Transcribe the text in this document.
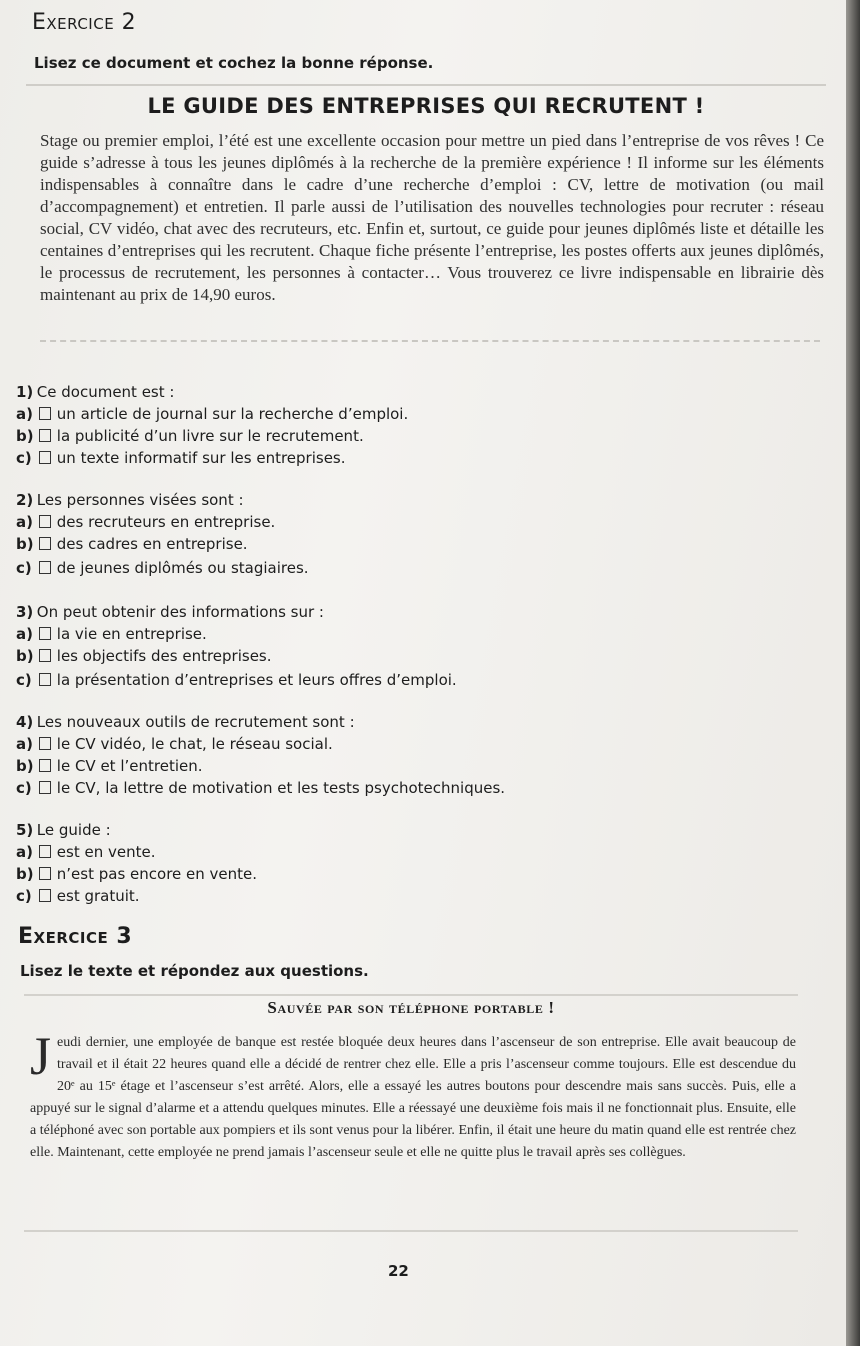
Exercice 2
Lisez ce document et cochez la bonne réponse.
LE GUIDE DES ENTREPRISES QUI RECRUTENT !
Stage ou premier emploi, l’été est une excellente occasion pour mettre un pied dans l’entreprise de vos rêves ! Ce guide s’adresse à tous les jeunes diplômés à la recherche de la première expérience ! Il informe sur les éléments indispensables à connaître dans le cadre d’une recherche d’emploi : CV, lettre de motivation (ou mail d’accompagnement) et entretien. Il parle aussi de l’utilisation des nouvelles technologies pour recruter : réseau social, CV vidéo, chat avec des recruteurs, etc. Enfin et, surtout, ce guide pour jeunes diplômés liste et détaille les centaines d’entreprises qui les recrutent. Chaque fiche présente l’entreprise, les postes offerts aux jeunes diplômés, le processus de recrutement, les personnes à contacter… Vous trouverez ce livre indispensable en librairie dès maintenant au prix de 14,90 euros.
1) Ce document est :
a) un article de journal sur la recherche d’emploi.
b) la publicité d’un livre sur le recrutement.
c) un texte informatif sur les entreprises.
2) Les personnes visées sont :
a) des recruteurs en entreprise.
b) des cadres en entreprise.
c) de jeunes diplômés ou stagiaires.
3) On peut obtenir des informations sur :
a) la vie en entreprise.
b) les objectifs des entreprises.
c) la présentation d’entreprises et leurs offres d’emploi.
4) Les nouveaux outils de recrutement sont :
a) le CV vidéo, le chat, le réseau social.
b) le CV et l’entretien.
c) le CV, la lettre de motivation et les tests psychotechniques.
5) Le guide :
a) est en vente.
b) n’est pas encore en vente.
c) est gratuit.
Exercice 3
Lisez le texte et répondez aux questions.
Sauvée par son téléphone portable !
Jeudi dernier, une employée de banque est restée bloquée deux heures dans l’ascenseur de son entreprise. Elle avait beaucoup de travail et il était 22 heures quand elle a décidé de rentrer chez elle. Elle a pris l’ascenseur comme toujours. Elle est descendue du 20ᵉ au 15ᵉ étage et l’ascenseur s’est arrêté. Alors, elle a essayé les autres boutons pour descendre mais sans succès. Puis, elle a appuyé sur le signal d’alarme et a attendu quelques minutes. Elle a réessayé une deuxième fois mais il ne fonctionnait plus. Ensuite, elle a téléphoné avec son portable aux pompiers et ils sont venus pour la libérer. Enfin, il était une heure du matin quand elle est rentrée chez elle. Maintenant, cette employée ne prend jamais l’ascenseur seule et elle ne quitte plus le travail après ses collègues.
22
